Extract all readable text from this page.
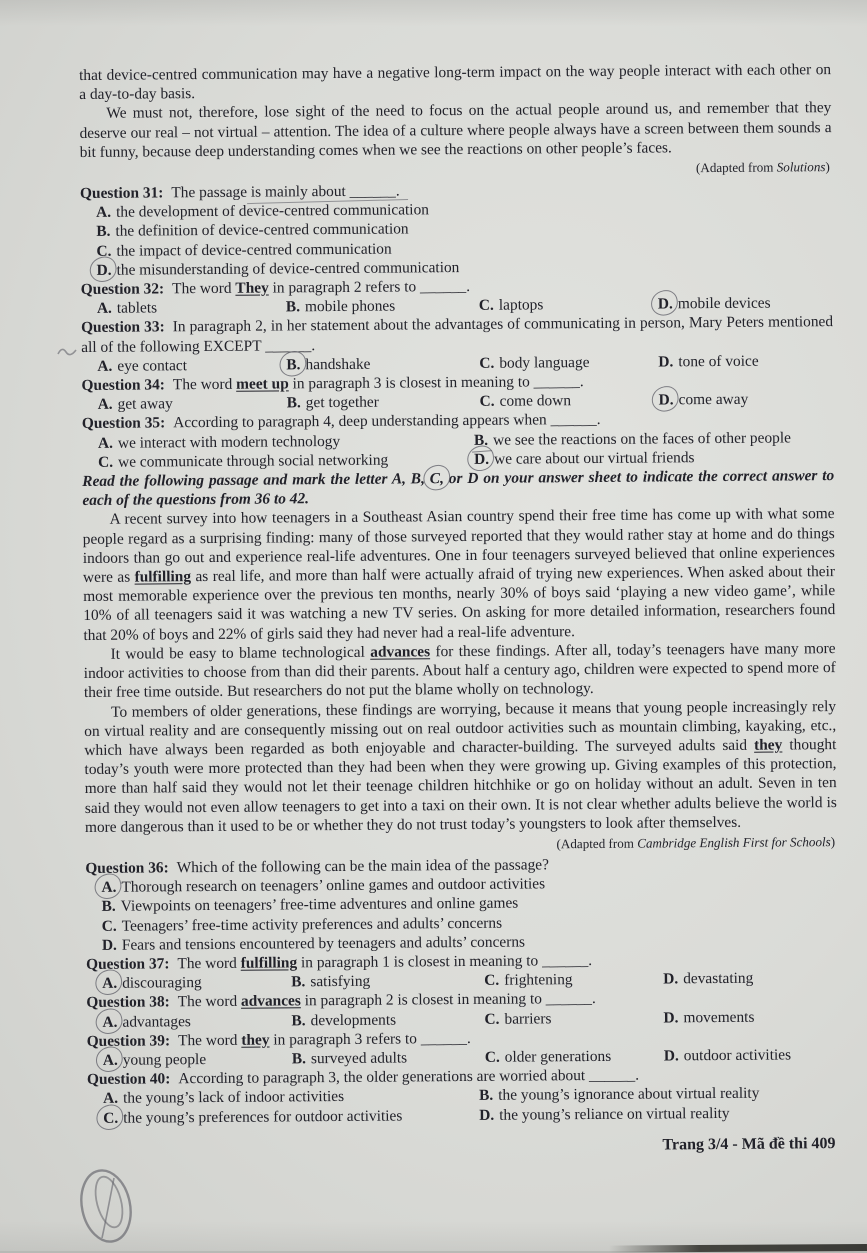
that device-centred communication may have a negative long-term impact on the way people interact with each other on a day-to-day basis.

We must not, therefore, lose sight of the need to focus on the actual people around us, and remember that they deserve our real – not virtual – attention. The idea of a culture where people always have a screen between them sounds a bit funny, because deep understanding comes when we see the reactions on other people’s faces.

(Adapted from Solutions)

Question 31: The passage is mainly about ______.

A. the development of device-centred communication
B. the definition of device-centred communication
C. the impact of device-centred communication
D. the misunderstanding of device-centred communication

Question 32: The word They in paragraph 2 refers to ______.

A. tablets	B. mobile phones	C. laptops	D. mobile devices

Question 33: In paragraph 2, in her statement about the advantages of communicating in person, Mary Peters mentioned all of the following EXCEPT ______.

A. eye contact	B. handshake	C. body language	D. tone of voice

Question 34: The word meet up in paragraph 3 is closest in meaning to ______.

A. get away	B. get together	C. come down	D. come away

Question 35: According to paragraph 4, deep understanding appears when ______.

A. we interact with modern technology	B. we see the reactions on the faces of other people
C. we communicate through social networking	D. we care about our virtual friends

Read the following passage and mark the letter A, B, C, or D on your answer sheet to indicate the correct answer to each of the questions from 36 to 42.

A recent survey into how teenagers in a Southeast Asian country spend their free time has come up with what some people regard as a surprising finding: many of those surveyed reported that they would rather stay at home and do things indoors than go out and experience real-life adventures. One in four teenagers surveyed believed that online experiences were as fulfilling as real life, and more than half were actually afraid of trying new experiences. When asked about their most memorable experience over the previous ten months, nearly 30% of boys said ‘playing a new video game’, while 10% of all teenagers said it was watching a new TV series. On asking for more detailed information, researchers found that 20% of boys and 22% of girls said they had never had a real-life adventure.

It would be easy to blame technological advances for these findings. After all, today’s teenagers have many more indoor activities to choose from than did their parents. About half a century ago, children were expected to spend more of their free time outside. But researchers do not put the blame wholly on technology.

To members of older generations, these findings are worrying, because it means that young people increasingly rely on virtual reality and are consequently missing out on real outdoor activities such as mountain climbing, kayaking, etc., which have always been regarded as both enjoyable and character-building. The surveyed adults said they thought today’s youth were more protected than they had been when they were growing up. Giving examples of this protection, more than half said they would not let their teenage children hitchhike or go on holiday without an adult. Seven in ten said they would not even allow teenagers to get into a taxi on their own. It is not clear whether adults believe the world is more dangerous than it used to be or whether they do not trust today’s youngsters to look after themselves.

(Adapted from Cambridge English First for Schools)

Question 36: Which of the following can be the main idea of the passage?

A. Thorough research on teenagers’ online games and outdoor activities
B. Viewpoints on teenagers’ free-time adventures and online games
C. Teenagers’ free-time activity preferences and adults’ concerns
D. Fears and tensions encountered by teenagers and adults’ concerns

Question 37: The word fulfilling in paragraph 1 is closest in meaning to ______.

A. discouraging	B. satisfying	C. frightening	D. devastating

Question 38: The word advances in paragraph 2 is closest in meaning to ______.

A. advantages	B. developments	C. barriers	D. movements

Question 39: The word they in paragraph 3 refers to ______.

A. young people	B. surveyed adults	C. older generations	D. outdoor activities

Question 40: According to paragraph 3, the older generations are worried about ______.

A. the young’s lack of indoor activities	B. the young’s ignorance about virtual reality
C. the young’s preferences for outdoor activities	D. the young’s reliance on virtual reality

Trang 3/4 - Mã đề thi 409
